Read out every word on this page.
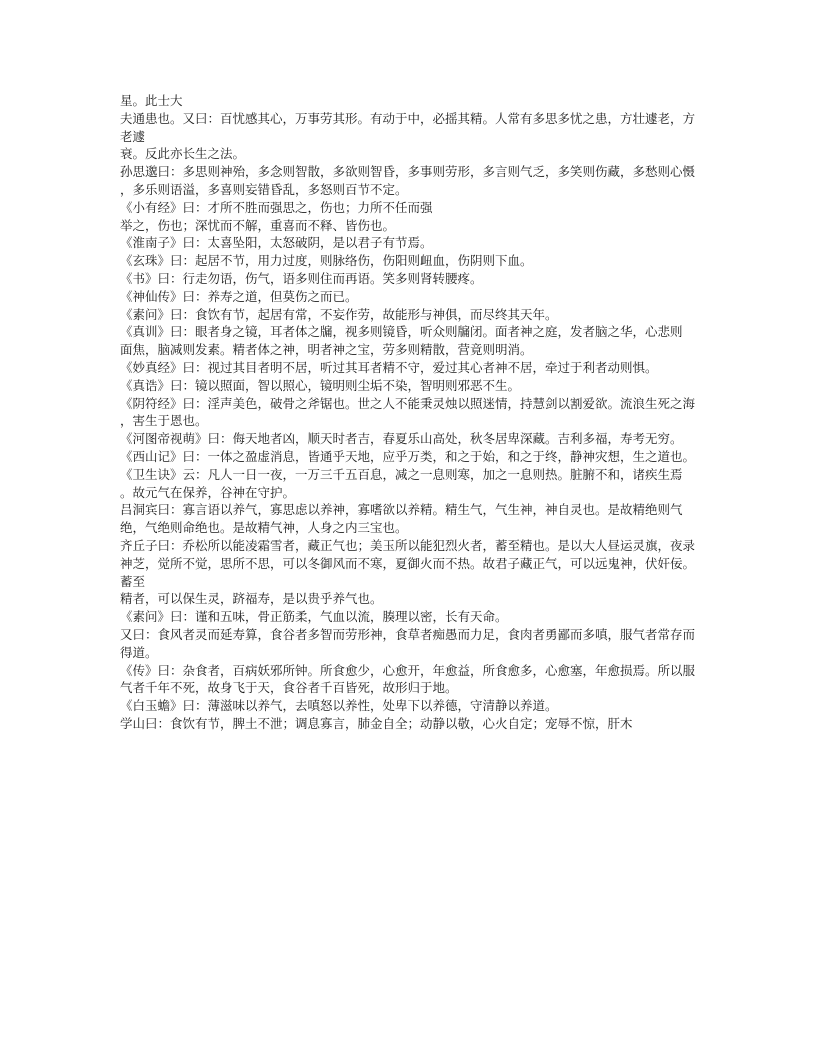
星。此士大
夫通患也。又曰：百忧感其心，万事劳其形。有动于中，必摇其精。人常有多思多忧之患，方壮遽老，方老遽
衰。反此亦长生之法。
孙思邈曰：多思则神殆，多念则智散，多欲则智昏，多事则劳形，多言则气乏，多笑则伤藏，多愁则心慑
，多乐则语溢，多喜则妄错昏乱，多怒则百节不定。
《小有经》曰：才所不胜而强思之，伤也；力所不任而强
举之，伤也；深忧而不解，重喜而不释、皆伤也。
《淮南子》曰：太喜坠阳，太怒破阴，是以君子有节焉。
《玄珠》曰：起居不节，用力过度，则脉络伤，伤阳则衄血，伤阴则下血。
《书》曰：行走勿语，伤气，语多则住而再语。笑多则肾转腰疼。
《神仙传》曰：养寿之道，但莫伤之而已。
《素问》曰：食饮有节，起居有常，不妄作劳，故能形与神俱，而尽终其天年。
《真训》曰：眼者身之镜，耳者体之牖，视多则镜昏，听众则牖闭。面者神之庭，发者脑之华，心悲则
面焦，脑减则发素。精者体之神，明者神之宝，劳多则精散，营竟则明消。
《妙真经》曰：视过其目者明不居，听过其耳者精不守，爱过其心者神不居，牵过于利者动则惧。
《真诰》曰：镜以照面，智以照心，镜明则尘垢不染，智明则邪恶不生。
《阴符经》曰：淫声美色，破骨之斧锯也。世之人不能秉灵烛以照迷情，持慧剑以割爱欲。流浪生死之海
，害生于恩也。
《河图帝视萌》曰：侮天地者凶，顺天时者吉，春夏乐山高处，秋冬居卑深藏。吉利多福，寿考无穷。
《西山记》曰：一体之盈虚消息，皆通乎天地，应乎万类，和之于始，和之于终，静神灾想，生之道也。
《卫生诀》云：凡人一日一夜，一万三千五百息，减之一息则寒，加之一息则热。脏腑不和，诸疾生焉
。故元气在保养，谷神在守护。
吕洞宾曰：寡言语以养气，寡思虑以养神，寡嗜欲以养精。精生气，气生神，神自灵也。是故精绝则气
绝，气绝则命绝也。是故精气神，人身之内三宝也。
齐丘子曰：乔松所以能凌霜雪者，藏正气也；美玉所以能犯烈火者，蓄至精也。是以大人昼运灵旗，夜录
神芝，觉所不觉，思所不思，可以冬御风而不寒，夏御火而不热。故君子藏正气，可以远鬼神，伏奸佞。蓄至
精者，可以保生灵，跻福寿，是以贵乎养气也。
《素问》曰：谨和五味，骨正筋柔，气血以流，腠理以密，长有天命。
又曰：食风者灵而延寿算，食谷者多智而劳形神，食草者痴愚而力足，食肉者勇鄙而多嗔，服气者常存而
得道。
《传》曰：杂食者，百病妖邪所钟。所食愈少，心愈开，年愈益，所食愈多，心愈塞，年愈损焉。所以服
气者千年不死，故身飞于天，食谷者千百皆死，故形归于地。
《白玉蟾》曰：薄滋味以养气，去嗔怒以养性，处卑下以养德，守清静以养道。
学山曰：食饮有节，脾土不泄；调息寡言，肺金自全；动静以敬，心火自定；宠辱不惊，肝木
